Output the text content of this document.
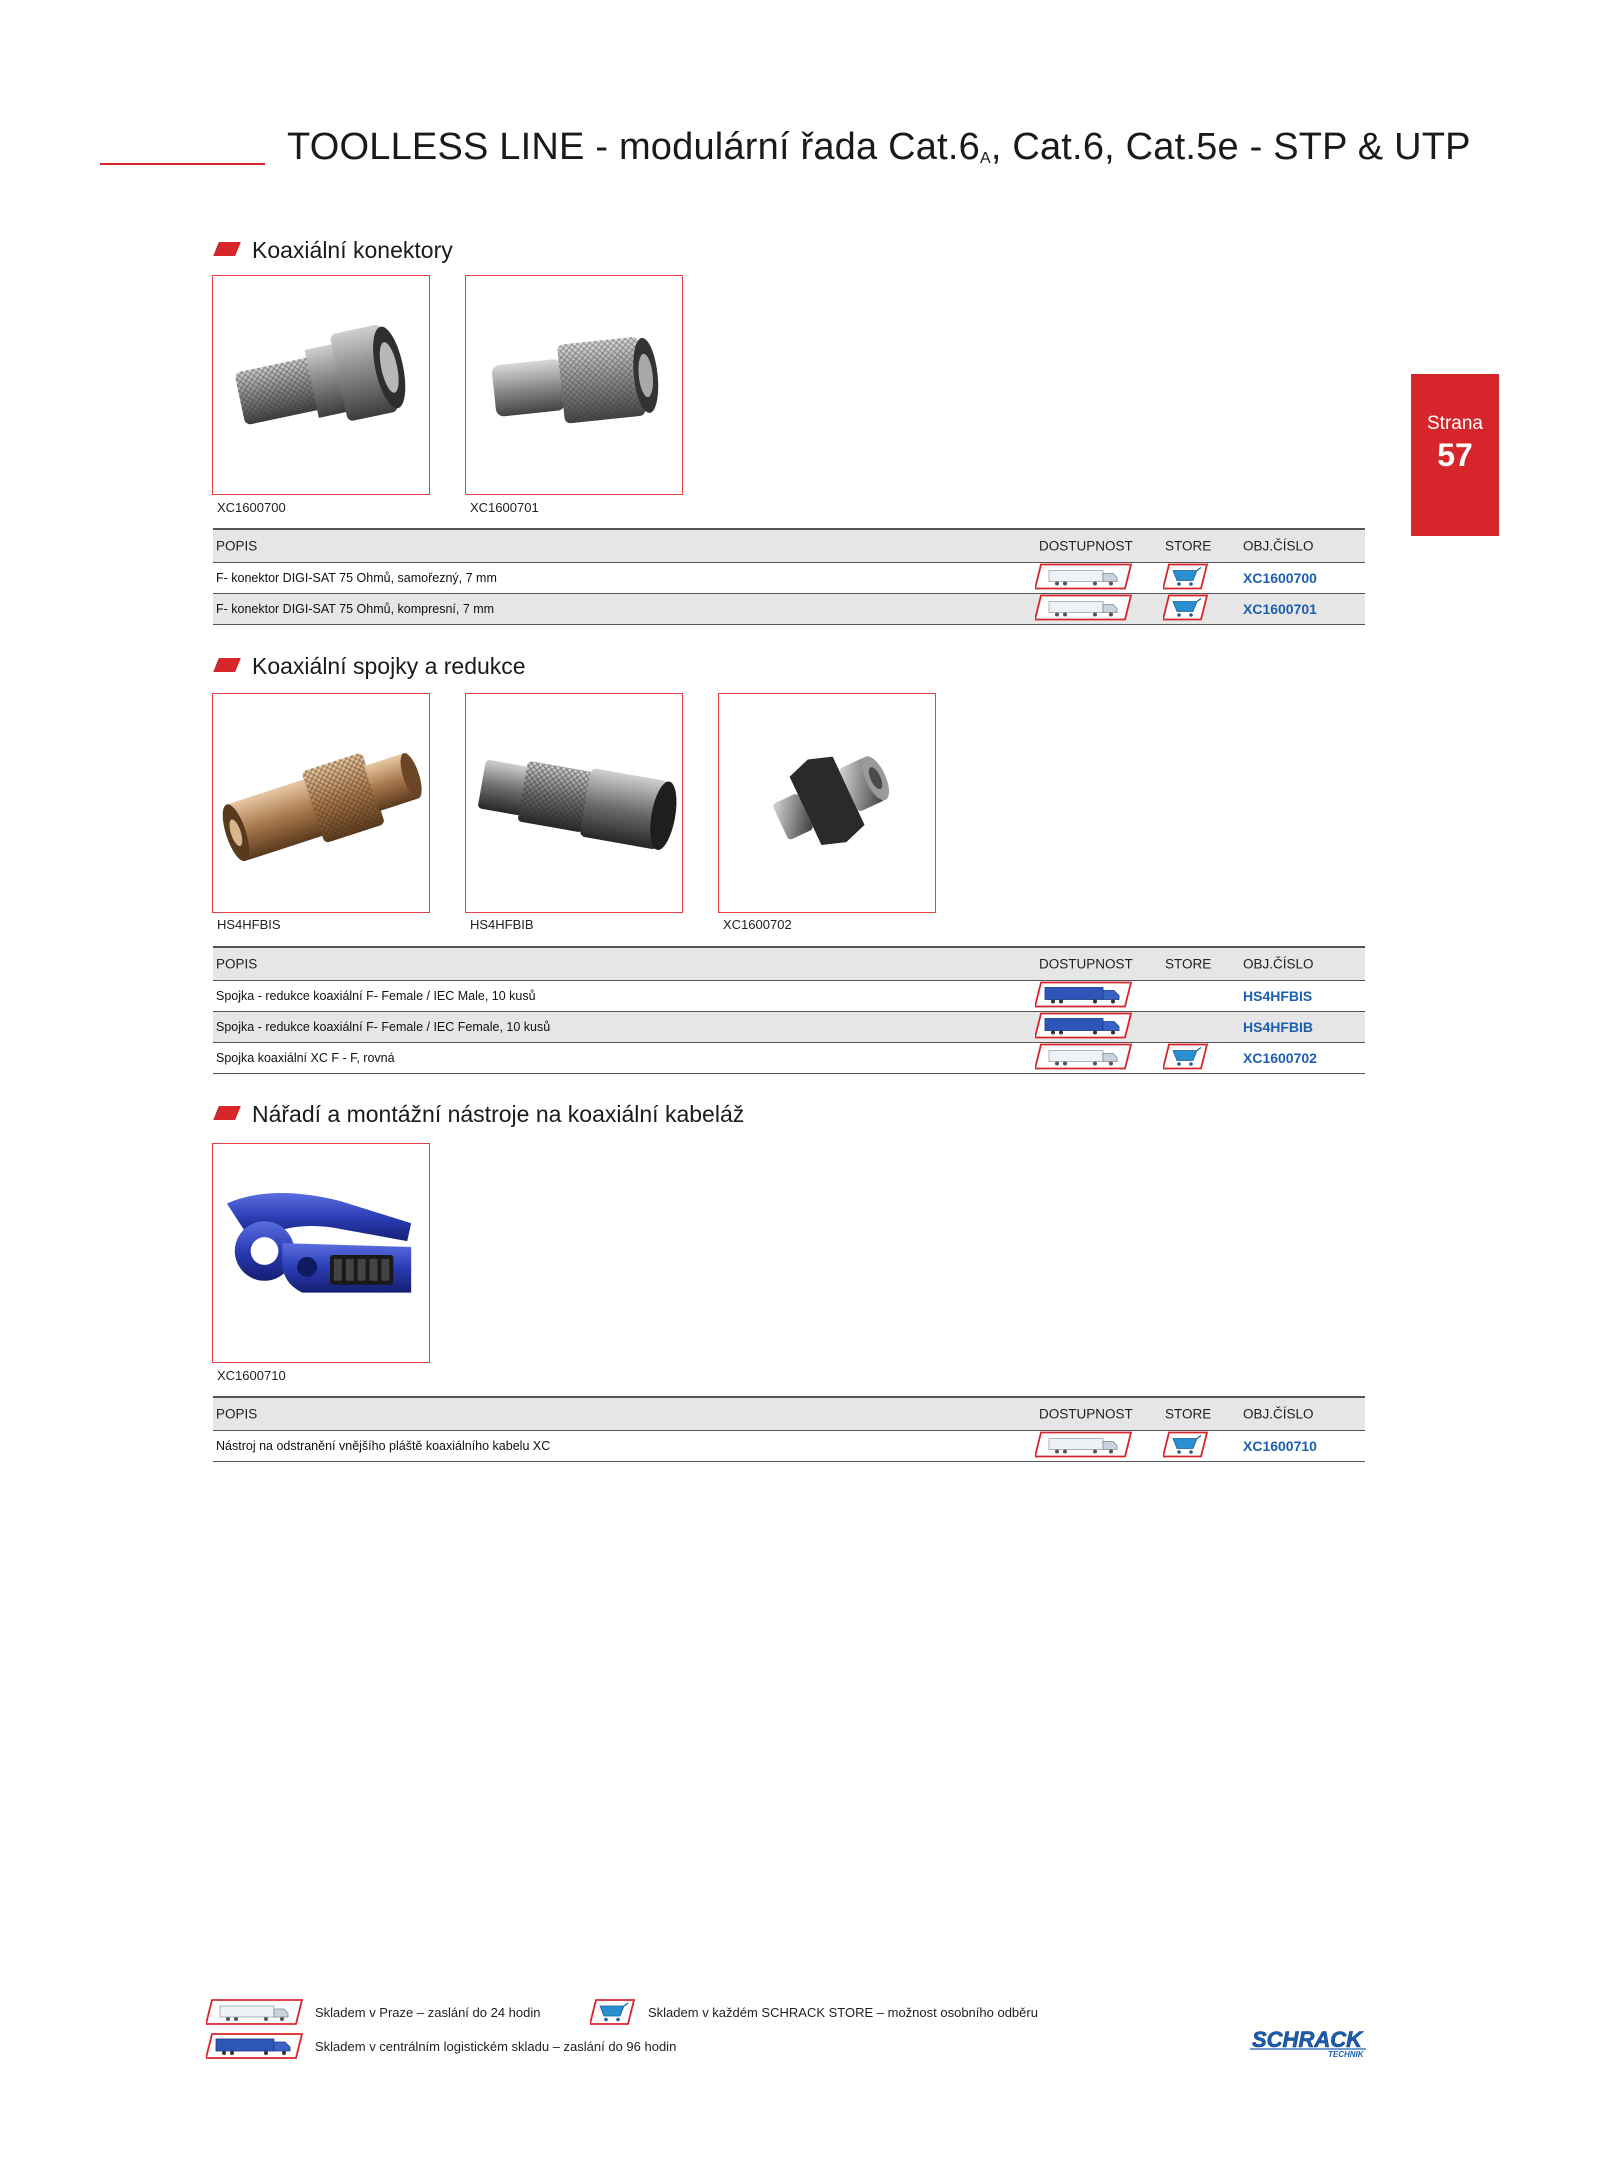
TOOLLESS LINE - modulární řada $Cat.6_A$, Cat.6, Cat.5e - STP & UTP
Strana
57
Koaxiální konektory
XC1600700	XC1600701
POPIS	DOSTUPNOST STORE OBJ.ČÍSLO
F- konektor DIGI-SAT 75 Ohmů, samořezný, 7 mm	XC1600700
F- konektor DIGI-SAT 75 Ohmů, kompresní, 7 mm	XC1600701
Koaxiální spojky a redukce
HS4HFBIS	HS4HFBIB	XC1600702
POPIS	DOSTUPNOST STORE OBJ.ČÍSLO
Spojka - redukce koaxiální F- Female / IEC Male, 10 kusů	HS4HFBIS
Spojka - redukce koaxiální F- Female / IEC Female, 10 kusů	HS4HFBIB
Spojka koaxiální XC F - F, rovná	XC1600702
Nářadí a montážní nástroje na koaxiální kabeláž
XC1600710
POPIS	DOSTUPNOST STORE OBJ.ČÍSLO
Nástroj na odstranění vnějšího pláště koaxiálního kabelu XC	XC1600710
Skladem v Praze – zaslání do 24 hodin	Skladem v každém SCHRACK STORE – možnost osobního odběru
Skladem v centrálním logistickém skladu – zaslání do 96 hodin	SCHRACK
TECHNIK
